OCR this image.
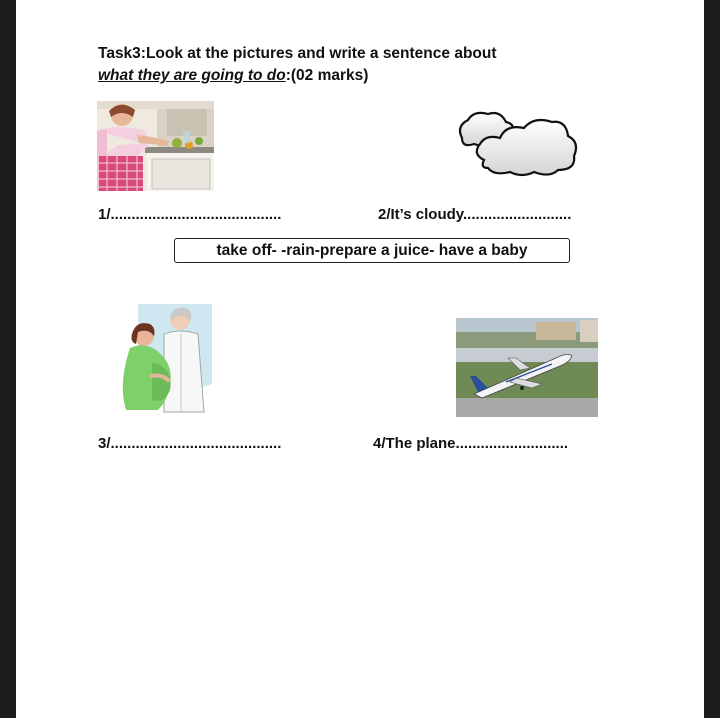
Task3:Look at the pictures and write a sentence about
what they are going to do:(02 marks)
1/.........................................	2/It’s cloudy..........................
take off- -rain-prepare a juice- have a baby
3/.........................................	4/The plane...........................
